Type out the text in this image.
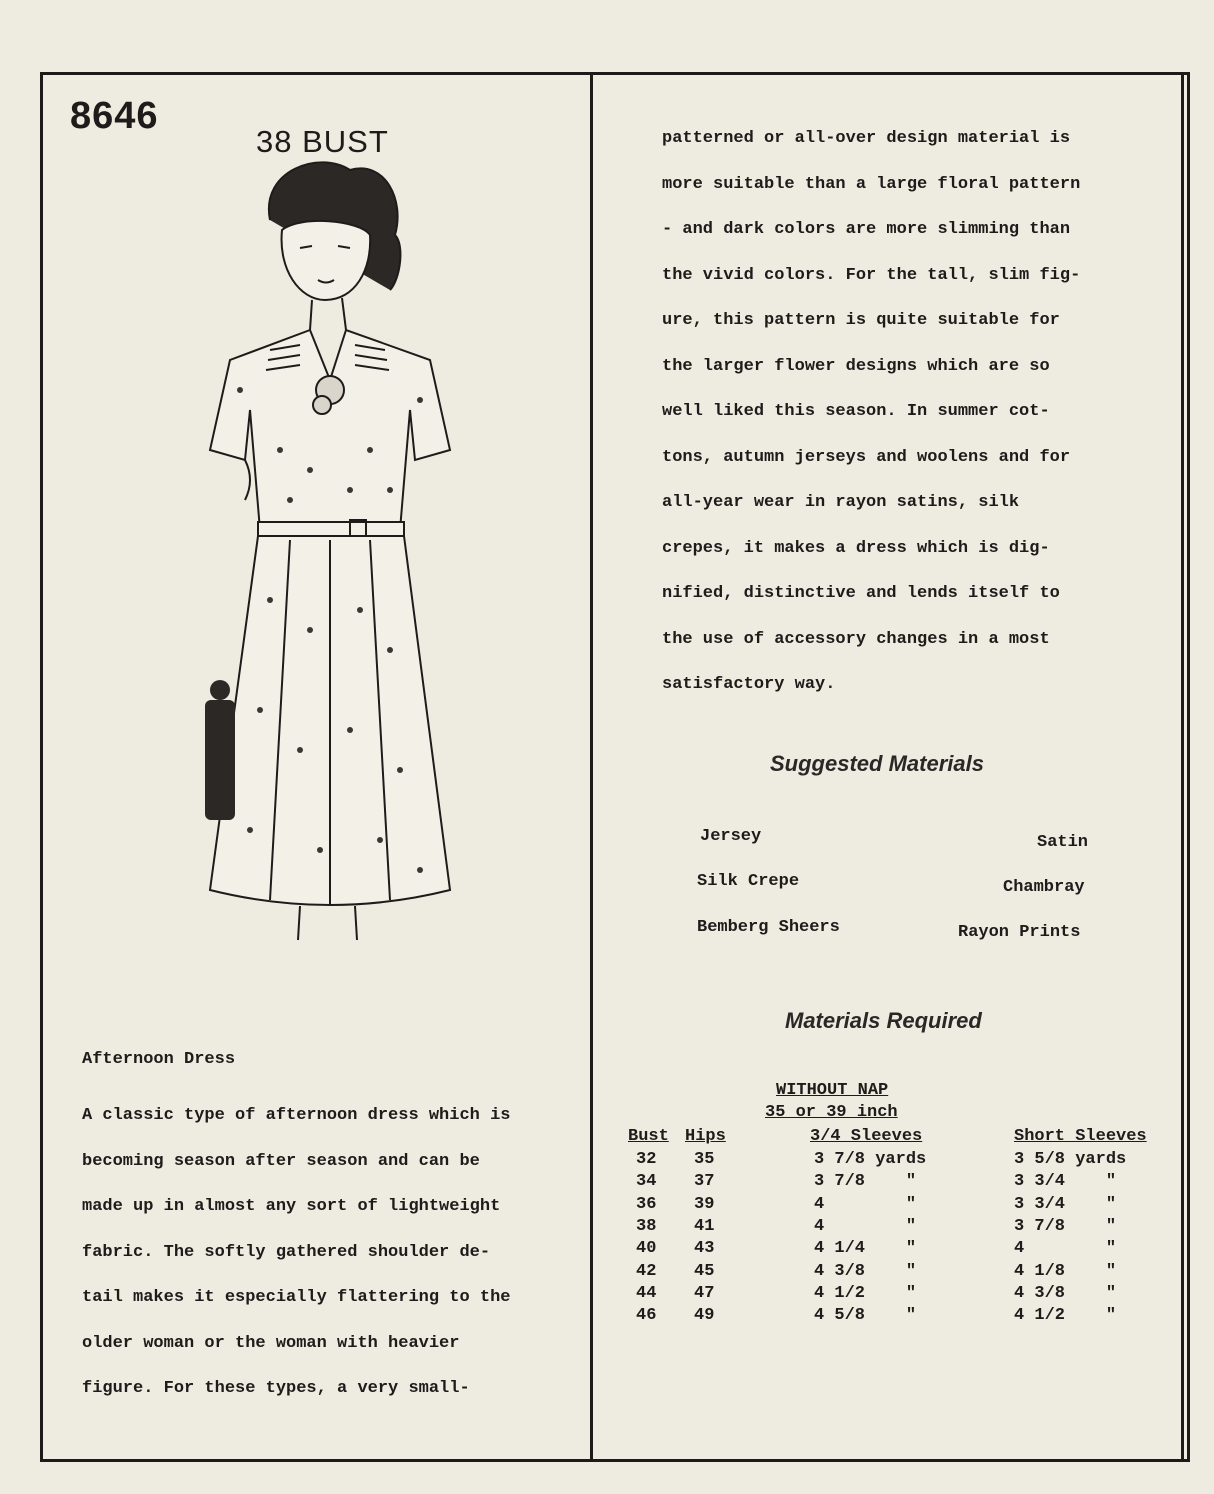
8646
38 BUST
Afternoon Dress
A classic type of afternoon dress which is
becoming season after season and can be
made up in almost any sort of lightweight
fabric. The softly gathered shoulder de-
tail makes it especially flattering to the
older woman or the woman with heavier
figure. For these types, a very small-
patterned or all-over design material is
more suitable than a large floral pattern
- and dark colors are more slimming than
the vivid colors. For the tall, slim fig-
ure, this pattern is quite suitable for
the larger flower designs which are so
well liked this season. In summer cot-
tons, autumn jerseys and woolens and for
all-year wear in rayon satins, silk
crepes, it makes a dress which is dig-
nified, distinctive and lends itself to
the use of accessory changes in a most
satisfactory way.
Suggested Materials
Jersey
Silk Crepe
Bemberg Sheers
Satin
Chambray
Rayon Prints
Materials Required
WITHOUT NAP
35 or 39 inch
Bust Hips	3/4 Sleeves	Short Sleeves
32 35	3 7/8 yards	3 5/8 yards
34 37	3 7/8    "	3 3/4    "
36 39	4        "	3 3/4    "
38 41	4        "	3 7/8    "
40 43	4 1/4    "	4        "
42 45	4 3/8    "	4 1/8    "
44 47	4 1/2    "	4 3/8    "
46 49	4 5/8    "	4 1/2    "
